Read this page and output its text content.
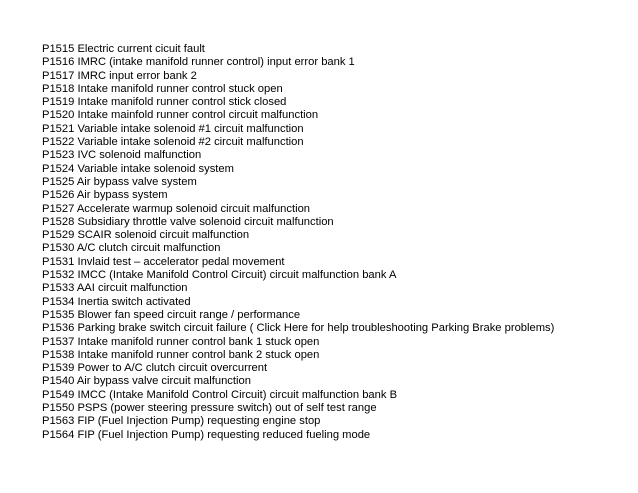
P1515 Electric current cicuit fault
P1516 IMRC (intake manifold runner control) input error bank 1
P1517 IMRC input error bank 2
P1518 Intake manifold runner control stuck open
P1519 Intake manifold runner control stick closed
P1520 Intake mainfold runner control circuit malfunction
P1521 Variable intake solenoid #1 circuit malfunction
P1522 Variable intake solenoid #2 circuit malfunction
P1523 IVC solenoid malfunction
P1524 Variable intake solenoid system
P1525 Air bypass valve system
P1526 Air bypass system
P1527 Accelerate warmup solenoid circuit malfunction
P1528 Subsidiary throttle valve solenoid circuit malfunction
P1529 SCAIR solenoid circuit malfunction
P1530 A/C clutch circuit malfunction
P1531 Invlaid test – accelerator pedal movement
P1532 IMCC (Intake Manifold Control Circuit) circuit malfunction bank A
P1533 AAI circuit malfunction
P1534 Inertia switch activated
P1535 Blower fan speed circuit range / performance
P1536 Parking brake switch circuit failure ( Click Here for help troubleshooting Parking Brake problems)
P1537 Intake manifold runner control bank 1 stuck open
P1538 Intake manifold runner control bank 2 stuck open
P1539 Power to A/C clutch circuit overcurrent
P1540 Air bypass valve circuit malfunction
P1549 IMCC (Intake Manifold Control Circuit) circuit malfunction bank B
P1550 PSPS (power steering pressure switch) out of self test range
P1563 FIP (Fuel Injection Pump) requesting engine stop
P1564 FIP (Fuel Injection Pump) requesting reduced fueling mode
